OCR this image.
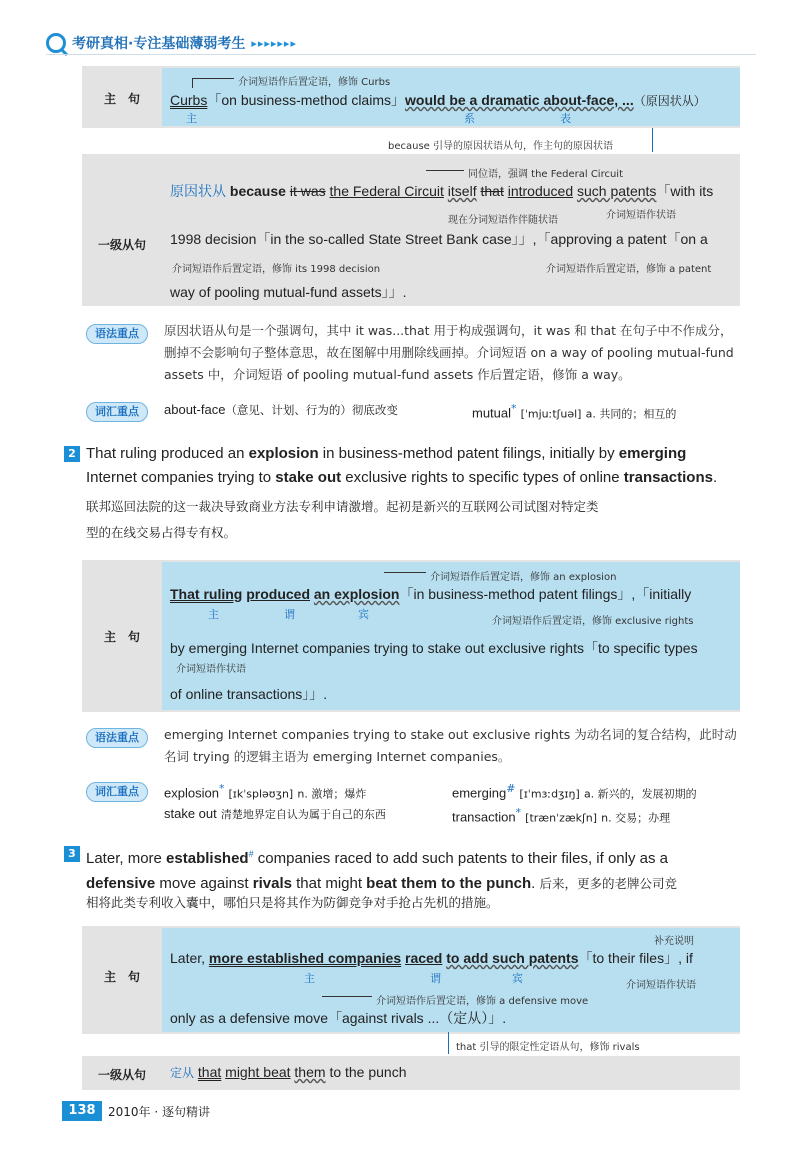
考研真相·专注基础薄弱考生 ▸▸▸▸▸▸▸
主　句
介词短语作后置定语，修饰 Curbs
Curbs「on business-method claims」would be a dramatic about-face, ...（原因状从）
主	系	表
because 引导的原因状语从句，作主句的原因状语
一级从句
同位语，强调 the Federal Circuit
原因状从 because it was the Federal Circuit itself that introduced such patents「with its
现在分词短语作伴随状语	介词短语作状语
1998 decision「in the so-called State Street Bank case」」,「approving a patent「on a
介词短语作后置定语，修饰 its 1998 decision	介词短语作后置定语，修饰 a patent
way of pooling mutual-fund assets」」.
语法重点	原因状语从句是一个强调句，其中 it was...that 用于构成强调句，it was 和 that 在句子中不作成分，删掉不会影响句子整体意思，故在图解中用删除线画掉。介词短语 on a way of pooling mutual-fund assets 中，介词短语 of pooling mutual-fund assets 作后置定语，修饰 a way。
词汇重点	about-face（意见、计划、行为的）彻底改变	mutual* [ˈmjuːtʃuəl] a. 共同的；相互的
2 That ruling produced an explosion in business-method patent filings, initially by emerging
Internet companies trying to stake out exclusive rights to specific types of online transactions.
联邦巡回法院的这一裁决导致商业方法专利申请激增。起初是新兴的互联网公司试图对特定类
型的在线交易占得专有权。
主　句
介词短语作后置定语，修饰 an explosion
That ruling produced an explosion「in business-method patent filings」,「initially
主	谓	宾
介词短语作后置定语，修饰 exclusive rights
by emerging Internet companies trying to stake out exclusive rights「to specific types
介词短语作状语
of online transactions」」.
语法重点	emerging Internet companies trying to stake out exclusive rights 为动名词的复合结构，此时动名词 trying 的逻辑主语为 emerging Internet companies。
词汇重点	explosion* [ɪkˈspləʊʒn] n. 激增；爆炸	emerging# [ɪˈmɜːdʒɪŋ] a. 新兴的，发展初期的
stake out 清楚地界定自认为属于自己的东西	transaction* [trænˈzækʃn] n. 交易；办理
3 Later, more established# companies raced to add such patents to their files, if only as a
defensive move against rivals that might beat them to the punch. 后来，更多的老牌公司竞
相将此类专利收入囊中，哪怕只是将其作为防御竞争对手抢占先机的措施。
主　句
补充说明
Later, more established companies raced to add such patents「to their files」, if
主	谓	宾
介词短语作状语
介词短语作后置定语，修饰 a defensive move
only as a defensive move「against rivals ...（定从）」.
that 引导的限定性定语从句，修饰 rivals
一级从句	定从 that might beat them to the punch
138	2010年 · 逐句精讲
